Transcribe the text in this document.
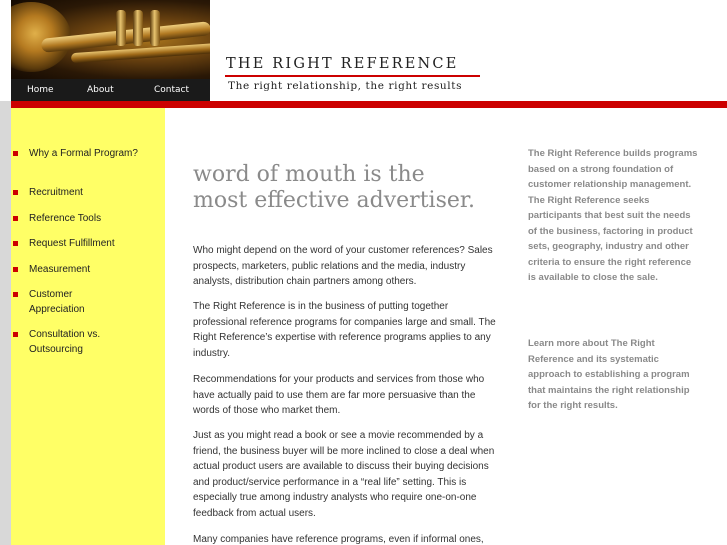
Home	About	Contact
THE RIGHT REFERENCE
The right relationship, the right results
Why a Formal Program?
Recruitment
Reference Tools
Request Fulfillment
Measurement
Customer Appreciation
Consultation vs. Outsourcing
word of mouth is the
most effective advertiser.

Who might depend on the word of your customer references? Sales prospects, marketers, public relations and the media, industry analysts, distribution chain partners among others.

The Right Reference is in the business of putting together professional reference programs for companies large and small. The Right Reference’s expertise with reference programs applies to any industry.

Recommendations for your products and services from those who have actually paid to use them are far more persuasive than the words of those who market them.

Just as you might read a book or see a movie recommended by a friend, the business buyer will be more inclined to close a deal when actual product users are available to discuss their buying decisions and product/service performance in a “real life” setting. This is especially true among industry analysts who require one-on-one feedback from actual users.

Many companies have reference programs, even if informal ones,

The Right Reference builds programs based on a strong foundation of customer relationship management. The Right Reference seeks participants that best suit the needs of the business, factoring in product sets, geography, industry and other criteria to ensure the right reference is available to close the sale.

Learn more about The Right Reference and its systematic approach to establishing a program that maintains the right relationship for the right results.
